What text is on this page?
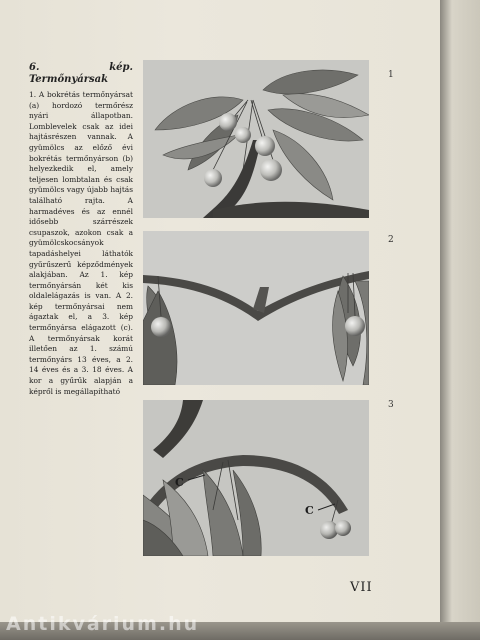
6. kép. Termőnyársak
1. A bokrétás termőnyársat (a) hordozó termőrész nyári állapotban. Lomblevelek csak az idei hajtásrészen vannak. A gyümölcs az előző évi bokrétás termőnyárson (b) helyezkedik el, amely teljesen lombtalan és csak gyümölcs vagy újabb hajtás található rajta. A harmadéves és az ennél idősebb szárrészek csupaszok, azokon csak a gyümölcskocsányok tapadáshelyei láthatók gyűrűszerű képződmények alakjában. Az 1. kép termőnyársán két kis oldalelágazás is van. A 2. kép termőnyársai nem ágaztak el, a 3. kép termőnyársa elágazott (c). A termőnyársak korát illetően az 1. számú termőnyárs 13 éves, a 2. 14 éves és a 3. 18 éves. A kor a gyűrűk alapján a képről is megállapítható
1
2
C
C
3
VII
Antikvárium.hu
